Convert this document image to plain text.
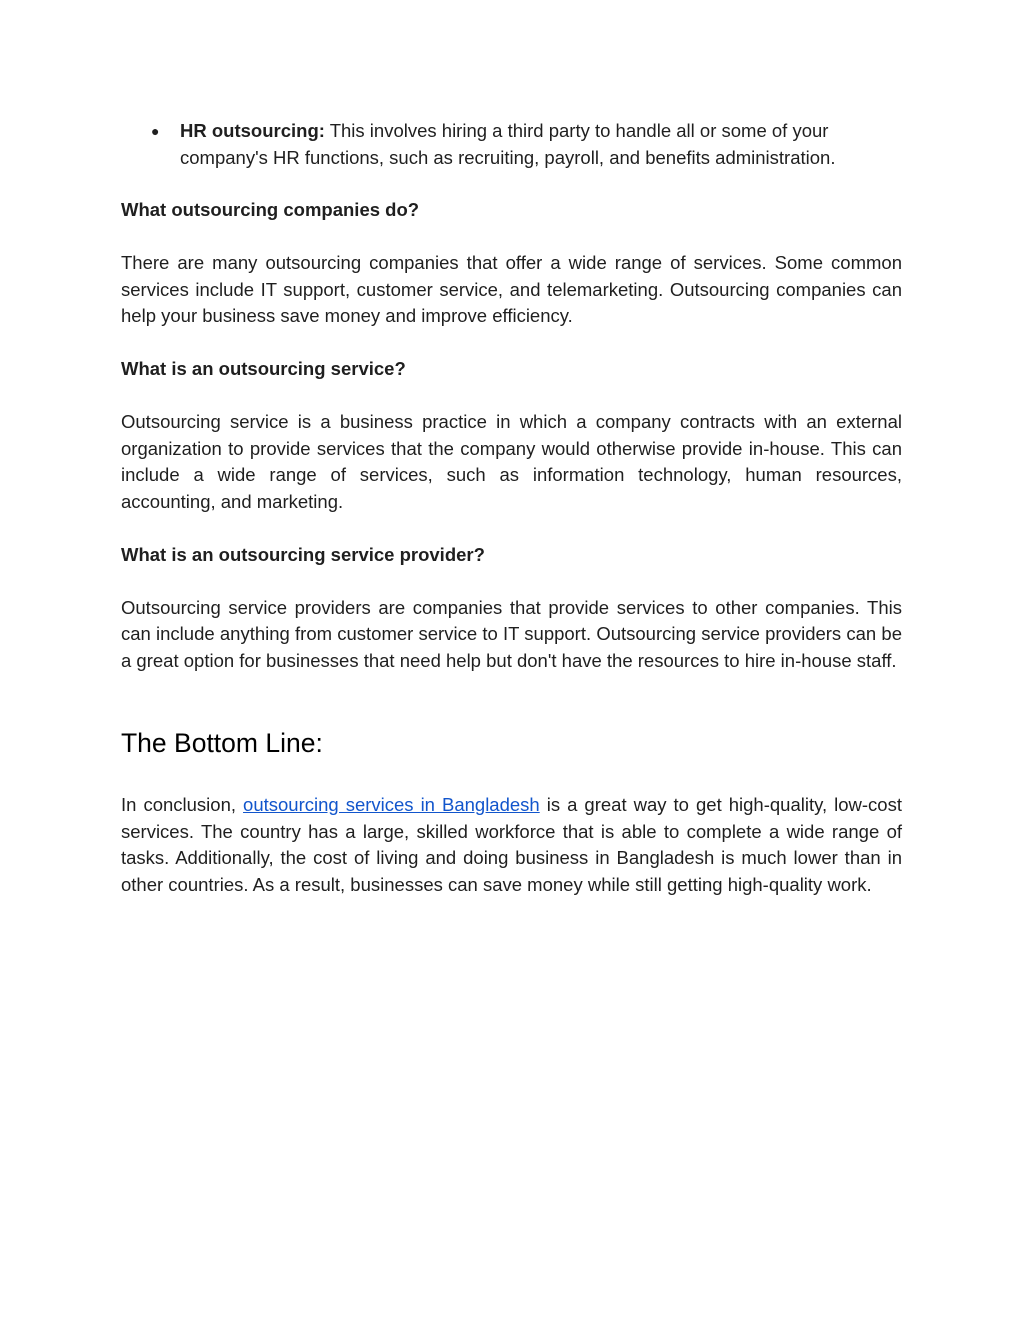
● HR outsourcing: This involves hiring a third party to handle all or some of your company's HR functions, such as recruiting, payroll, and benefits administration.
What outsourcing companies do?

There are many outsourcing companies that offer a wide range of services. Some common services include IT support, customer service, and telemarketing. Outsourcing companies can help your business save money and improve efficiency.

What is an outsourcing service?

Outsourcing service is a business practice in which a company contracts with an external organization to provide services that the company would otherwise provide in-house. This can include a wide range of services, such as information technology, human resources, accounting, and marketing.

What is an outsourcing service provider?

Outsourcing service providers are companies that provide services to other companies. This can include anything from customer service to IT support. Outsourcing service providers can be a great option for businesses that need help but don't have the resources to hire in-house staff.

The Bottom Line:

In conclusion, outsourcing services in Bangladesh is a great way to get high-quality, low-cost services. The country has a large, skilled workforce that is able to complete a wide range of tasks. Additionally, the cost of living and doing business in Bangladesh is much lower than in other countries. As a result, businesses can save money while still getting high-quality work.
